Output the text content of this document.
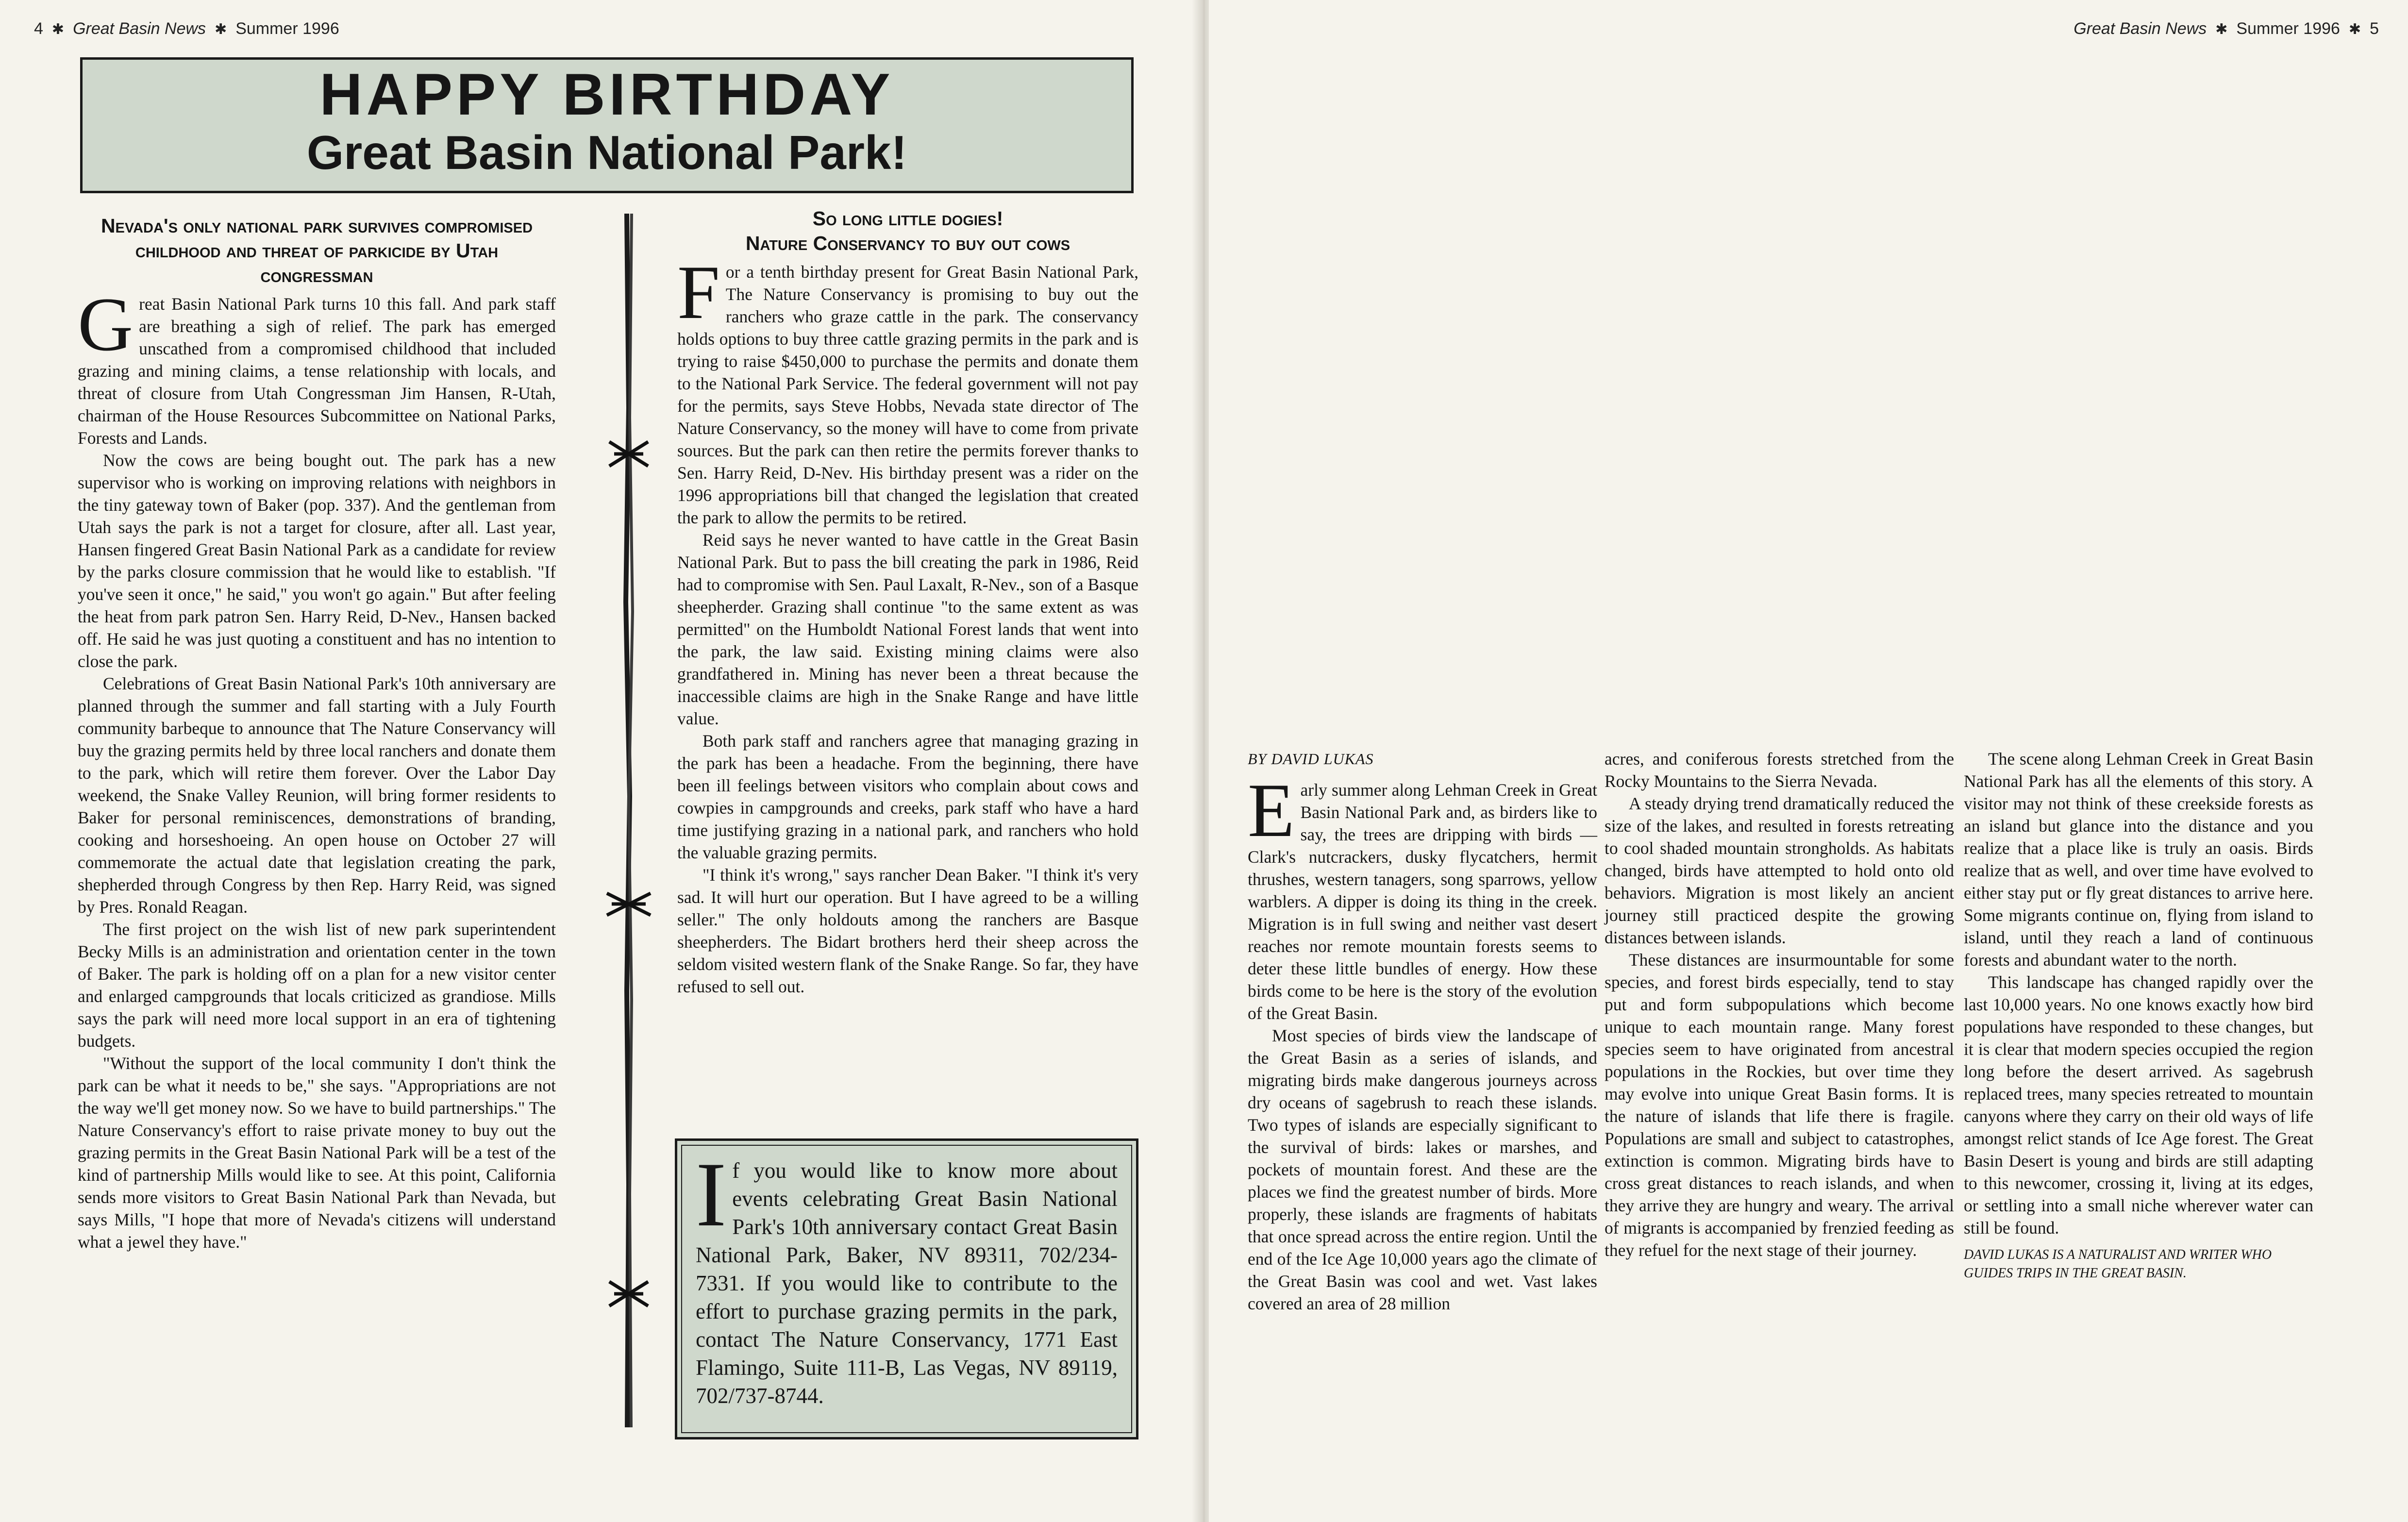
4 ✱ Great Basin News ✱ Summer 1996
HAPPY BIRTHDAY
Great Basin National Park!
Nevada's only national park survives compromised childhood and threat of parkicide by Utah congressman

Great Basin National Park turns 10 this fall. And park staff are breathing a sigh of relief. The park has emerged unscathed from a compromised childhood that included grazing and mining claims, a tense relationship with locals, and threat of closure from Utah Congressman Jim Hansen, R-Utah, chairman of the House Resources Subcommittee on National Parks, Forests and Lands.

Now the cows are being bought out. The park has a new supervisor who is working on improving relations with neighbors in the tiny gateway town of Baker (pop. 337). And the gentleman from Utah says the park is not a target for closure, after all. Last year, Hansen fingered Great Basin National Park as a candidate for review by the parks closure commission that he would like to establish. "If you've seen it once," he said," you won't go again." But after feeling the heat from park patron Sen. Harry Reid, D-Nev., Hansen backed off. He said he was just quoting a constituent and has no intention to close the park.

Celebrations of Great Basin National Park's 10th anniversary are planned through the summer and fall starting with a July Fourth community barbeque to announce that The Nature Conservancy will buy the grazing permits held by three local ranchers and donate them to the park, which will retire them forever. Over the Labor Day weekend, the Snake Valley Reunion, will bring former residents to Baker for personal reminiscences, demonstrations of branding, cooking and horseshoeing. An open house on October 27 will commemorate the actual date that legislation creating the park, shepherded through Congress by then Rep. Harry Reid, was signed by Pres. Ronald Reagan.

The first project on the wish list of new park superintendent Becky Mills is an administration and orientation center in the town of Baker. The park is holding off on a plan for a new visitor center and enlarged campgrounds that locals criticized as grandiose. Mills says the park will need more local support in an era of tightening budgets.

"Without the support of the local community I don't think the park can be what it needs to be," she says. "Appropriations are not the way we'll get money now. So we have to build partnerships." The Nature Conservancy's effort to raise private money to buy out the grazing permits in the Great Basin National Park will be a test of the kind of partnership Mills would like to see. At this point, California sends more visitors to Great Basin National Park than Nevada, but says Mills, "I hope that more of Nevada's citizens will understand what a jewel they have."

So long little dogies!
Nature Conservancy to buy out cows

For a tenth birthday present for Great Basin National Park, The Nature Conservancy is promising to buy out the ranchers who graze cattle in the park. The conservancy holds options to buy three cattle grazing permits in the park and is trying to raise $450,000 to purchase the permits and donate them to the National Park Service. The federal government will not pay for the permits, says Steve Hobbs, Nevada state director of The Nature Conservancy, so the money will have to come from private sources. But the park can then retire the permits forever thanks to Sen. Harry Reid, D-Nev. His birthday present was a rider on the 1996 appropriations bill that changed the legislation that created the park to allow the permits to be retired.

Reid says he never wanted to have cattle in the Great Basin National Park. But to pass the bill creating the park in 1986, Reid had to compromise with Sen. Paul Laxalt, R-Nev., son of a Basque sheepherder. Grazing shall continue "to the same extent as was permitted" on the Humboldt National Forest lands that went into the park, the law said. Existing mining claims were also grandfathered in. Mining has never been a threat because the inaccessible claims are high in the Snake Range and have little value.

Both park staff and ranchers agree that managing grazing in the park has been a headache. From the beginning, there have been ill feelings between visitors who complain about cows and cowpies in campgrounds and creeks, park staff who have a hard time justifying grazing in a national park, and ranchers who hold the valuable grazing permits.

"I think it's wrong," says rancher Dean Baker. "I think it's very sad. It will hurt our operation. But I have agreed to be a willing seller." The only holdouts among the ranchers are Basque sheepherders. The Bidart brothers herd their sheep across the seldom visited western flank of the Snake Range. So far, they have refused to sell out.

If you would like to know more about events celebrating Great Basin National Park's 10th anniversary contact Great Basin National Park, Baker, NV 89311, 702/234-7331. If you would like to contribute to the effort to purchase grazing permits in the park, contact The Nature Conservancy, 1771 East Flamingo, Suite 111-B, Las Vegas, NV 89119, 702/737-8744.
Great Basin News ✱ Summer 1996 ✱ 5
BY DAVID LUKAS

Early summer along Lehman Creek in Great Basin National Park and, as birders like to say, the trees are dripping with birds — Clark's nutcrackers, dusky flycatchers, hermit thrushes, western tanagers, song sparrows, yellow warblers. A dipper is doing its thing in the creek. Migration is in full swing and neither vast desert reaches nor remote mountain forests seems to deter these little bundles of energy. How these birds come to be here is the story of the evolution of the Great Basin.

Most species of birds view the landscape of the Great Basin as a series of islands, and migrating birds make dangerous journeys across dry oceans of sagebrush to reach these islands. Two types of islands are especially significant to the survival of birds: lakes or marshes, and pockets of mountain forest. And these are the places we find the greatest number of birds. More properly, these islands are fragments of habitats that once spread across the entire region. Until the end of the Ice Age 10,000 years ago the climate of the Great Basin was cool and wet. Vast lakes covered an area of 28 million

acres, and coniferous forests stretched from the Rocky Mountains to the Sierra Nevada.

A steady drying trend dramatically reduced the size of the lakes, and resulted in forests retreating to cool shaded mountain strongholds. As habitats changed, birds have attempted to hold onto old behaviors. Migration is most likely an ancient journey still practiced despite the growing distances between islands.

These distances are insurmountable for some species, and forest birds especially, tend to stay put and form subpopulations which become unique to each mountain range. Many forest species seem to have originated from ancestral populations in the Rockies, but over time they may evolve into unique Great Basin forms. It is the nature of islands that life there is fragile. Populations are small and subject to catastrophes, extinction is common. Migrating birds have to cross great distances to reach islands, and when they arrive they are hungry and weary. The arrival of migrants is accompanied by frenzied feeding as they refuel for the next stage of their journey.

The scene along Lehman Creek in Great Basin National Park has all the elements of this story. A visitor may not think of these creekside forests as an island but glance into the distance and you realize that a place like is truly an oasis. Birds realize that as well, and over time have evolved to either stay put or fly great distances to arrive here. Some migrants continue on, flying from island to island, until they reach a land of continuous forests and abundant water to the north.

This landscape has changed rapidly over the last 10,000 years. No one knows exactly how bird populations have responded to these changes, but it is clear that modern species occupied the region long before the desert arrived. As sagebrush replaced trees, many species retreated to mountain canyons where they carry on their old ways of life amongst relict stands of Ice Age forest. The Great Basin Desert is young and birds are still adapting to this newcomer, crossing it, living at its edges, or settling into a small niche wherever water can still be found.

DAVID LUKAS IS A NATURALIST AND WRITER WHO GUIDES TRIPS IN THE GREAT BASIN.
